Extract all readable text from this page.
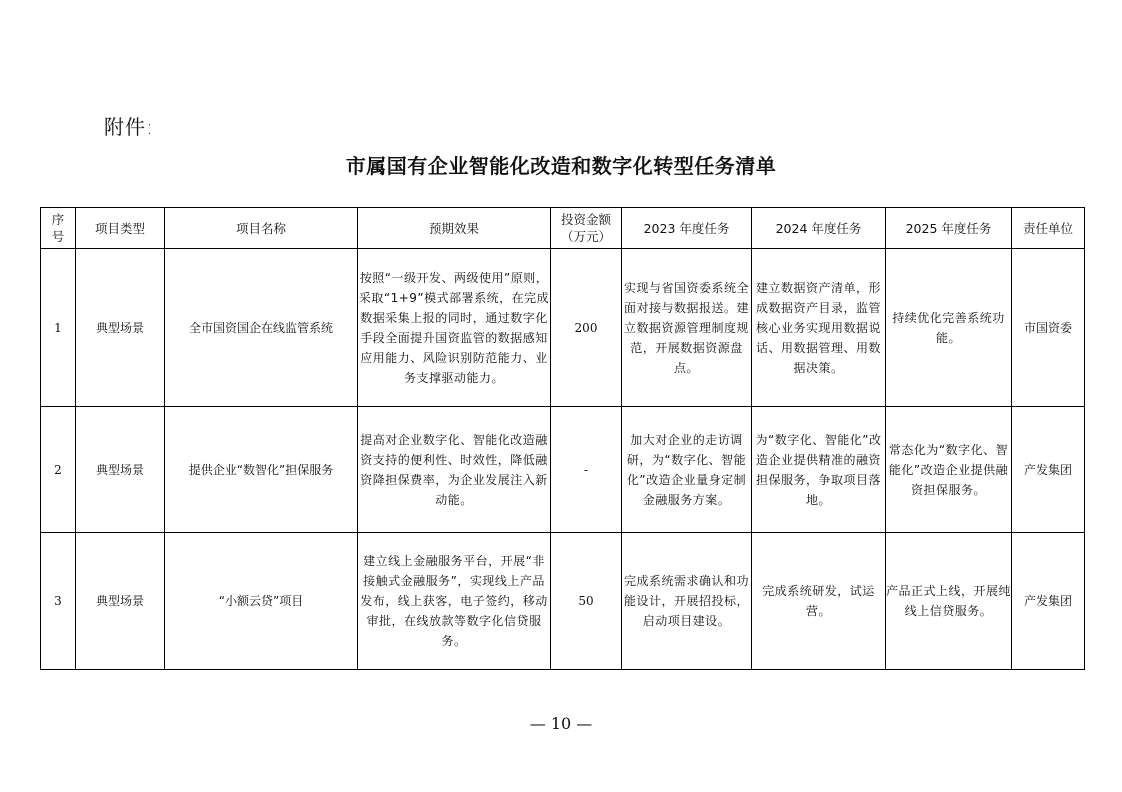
附件:
市属国有企业智能化改造和数字化转型任务清单
序号	项目类型	项目名称	预期效果	投资金额（万元）	2023 年度任务	2024 年度任务	2025 年度任务	责任单位
1	典型场景	全市国资国企在线监管系统	按照“一级开发、两级使用”原则，采取“1+9”模式部署系统，在完成数据采集上报的同时，通过数字化手段全面提升国资监管的数据感知应用能力、风险识别防范能力、业务支撑驱动能力。	200	实现与省国资委系统全面对接与数据报送。建立数据资源管理制度规范，开展数据资源盘点。	建立数据资产清单，形成数据资产目录，监管核心业务实现用数据说话、用数据管理、用数据决策。	持续优化完善系统功能。	市国资委
2	典型场景	提供企业“数智化”担保服务	提高对企业数字化、智能化改造融资支持的便利性、时效性，降低融资降担保费率，为企业发展注入新动能。	-	加大对企业的走访调研，为“数字化、智能化”改造企业量身定制金融服务方案。	为“数字化、智能化”改造企业提供精准的融资担保服务，争取项目落地。	常态化为“数字化、智能化”改造企业提供融资担保服务。	产发集团
3	典型场景	“小额云贷”项目	建立线上金融服务平台，开展“非接触式金融服务”，实现线上产品发布，线上获客，电子签约，移动审批，在线放款等数字化信贷服务。	50	完成系统需求确认和功能设计，开展招投标，启动项目建设。	完成系统研发，试运营。	产品正式上线，开展纯线上信贷服务。	产发集团
— 10 —
